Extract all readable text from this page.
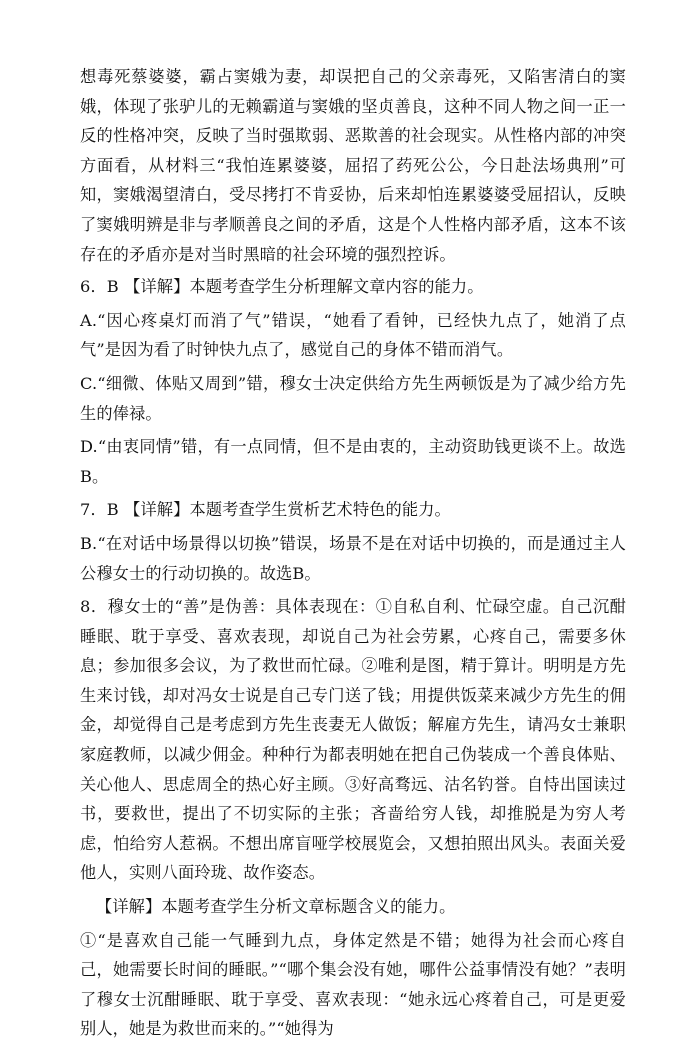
想毒死蔡婆婆，霸占窦娥为妻，却误把自己的父亲毒死，又陷害清白的窦娥，体现了张驴儿的无赖霸道与窦娥的坚贞善良，这种不同人物之间一正一反的性格冲突，反映了当时强欺弱、恶欺善的社会现实。从性格内部的冲突方面看，从材料三“我怕连累婆婆，屈招了药死公公，今日赴法场典刑”可知，窦娥渴望清白，受尽拷打不肯妥协，后来却怕连累婆婆受屈招认，反映了窦娥明辨是非与孝顺善良之间的矛盾，这是个人性格内部矛盾，这本不该存在的矛盾亦是对当时黑暗的社会环境的强烈控诉。

6．B 【详解】本题考查学生分析理解文章内容的能力。

A.“因心疼桌灯而消了气”错误，“她看了看钟，已经快九点了，她消了点气”是因为看了时钟快九点了，感觉自己的身体不错而消气。

C.“细微、体贴又周到”错，穆女士决定供给方先生两顿饭是为了减少给方先生的俸禄。

D.“由衷同情”错，有一点同情，但不是由衷的，主动资助钱更谈不上。故选B。

7．B 【详解】本题考查学生赏析艺术特色的能力。

B.“在对话中场景得以切换”错误，场景不是在对话中切换的，而是通过主人公穆女士的行动切换的。故选B。

8．穆女士的“善”是伪善：具体表现在：①自私自利、忙碌空虚。自己沉酣睡眠、耽于享受、喜欢表现，却说自己为社会劳累，心疼自己，需要多休息；参加很多会议，为了救世而忙碌。②唯利是图，精于算计。明明是方先生来讨钱，却对冯女士说是自己专门送了钱；用提供饭菜来减少方先生的佣金，却觉得自己是考虑到方先生丧妻无人做饭；解雇方先生，请冯女士兼职家庭教师，以减少佣金。种种行为都表明她在把自己伪装成一个善良体贴、关心他人、思虑周全的热心好主顾。③好高骛远、沽名钓誉。自恃出国读过书，要救世，提出了不切实际的主张；吝啬给穷人钱，却推脱是为穷人考虑，怕给穷人惹祸。不想出席盲哑学校展览会，又想拍照出风头。表面关爱他人，实则八面玲珑、故作姿态。

【详解】本题考查学生分析文章标题含义的能力。

①“是喜欢自己能一气睡到九点，身体定然是不错；她得为社会而心疼自己，她需要长时间的睡眠。”“哪个集会没有她，哪件公益事情没有她？”表明了穆女士沉酣睡眠、耽于享受、喜欢表现：“她永远心疼着自己，可是更爱别人，她是为救世而来的。”“她得为
